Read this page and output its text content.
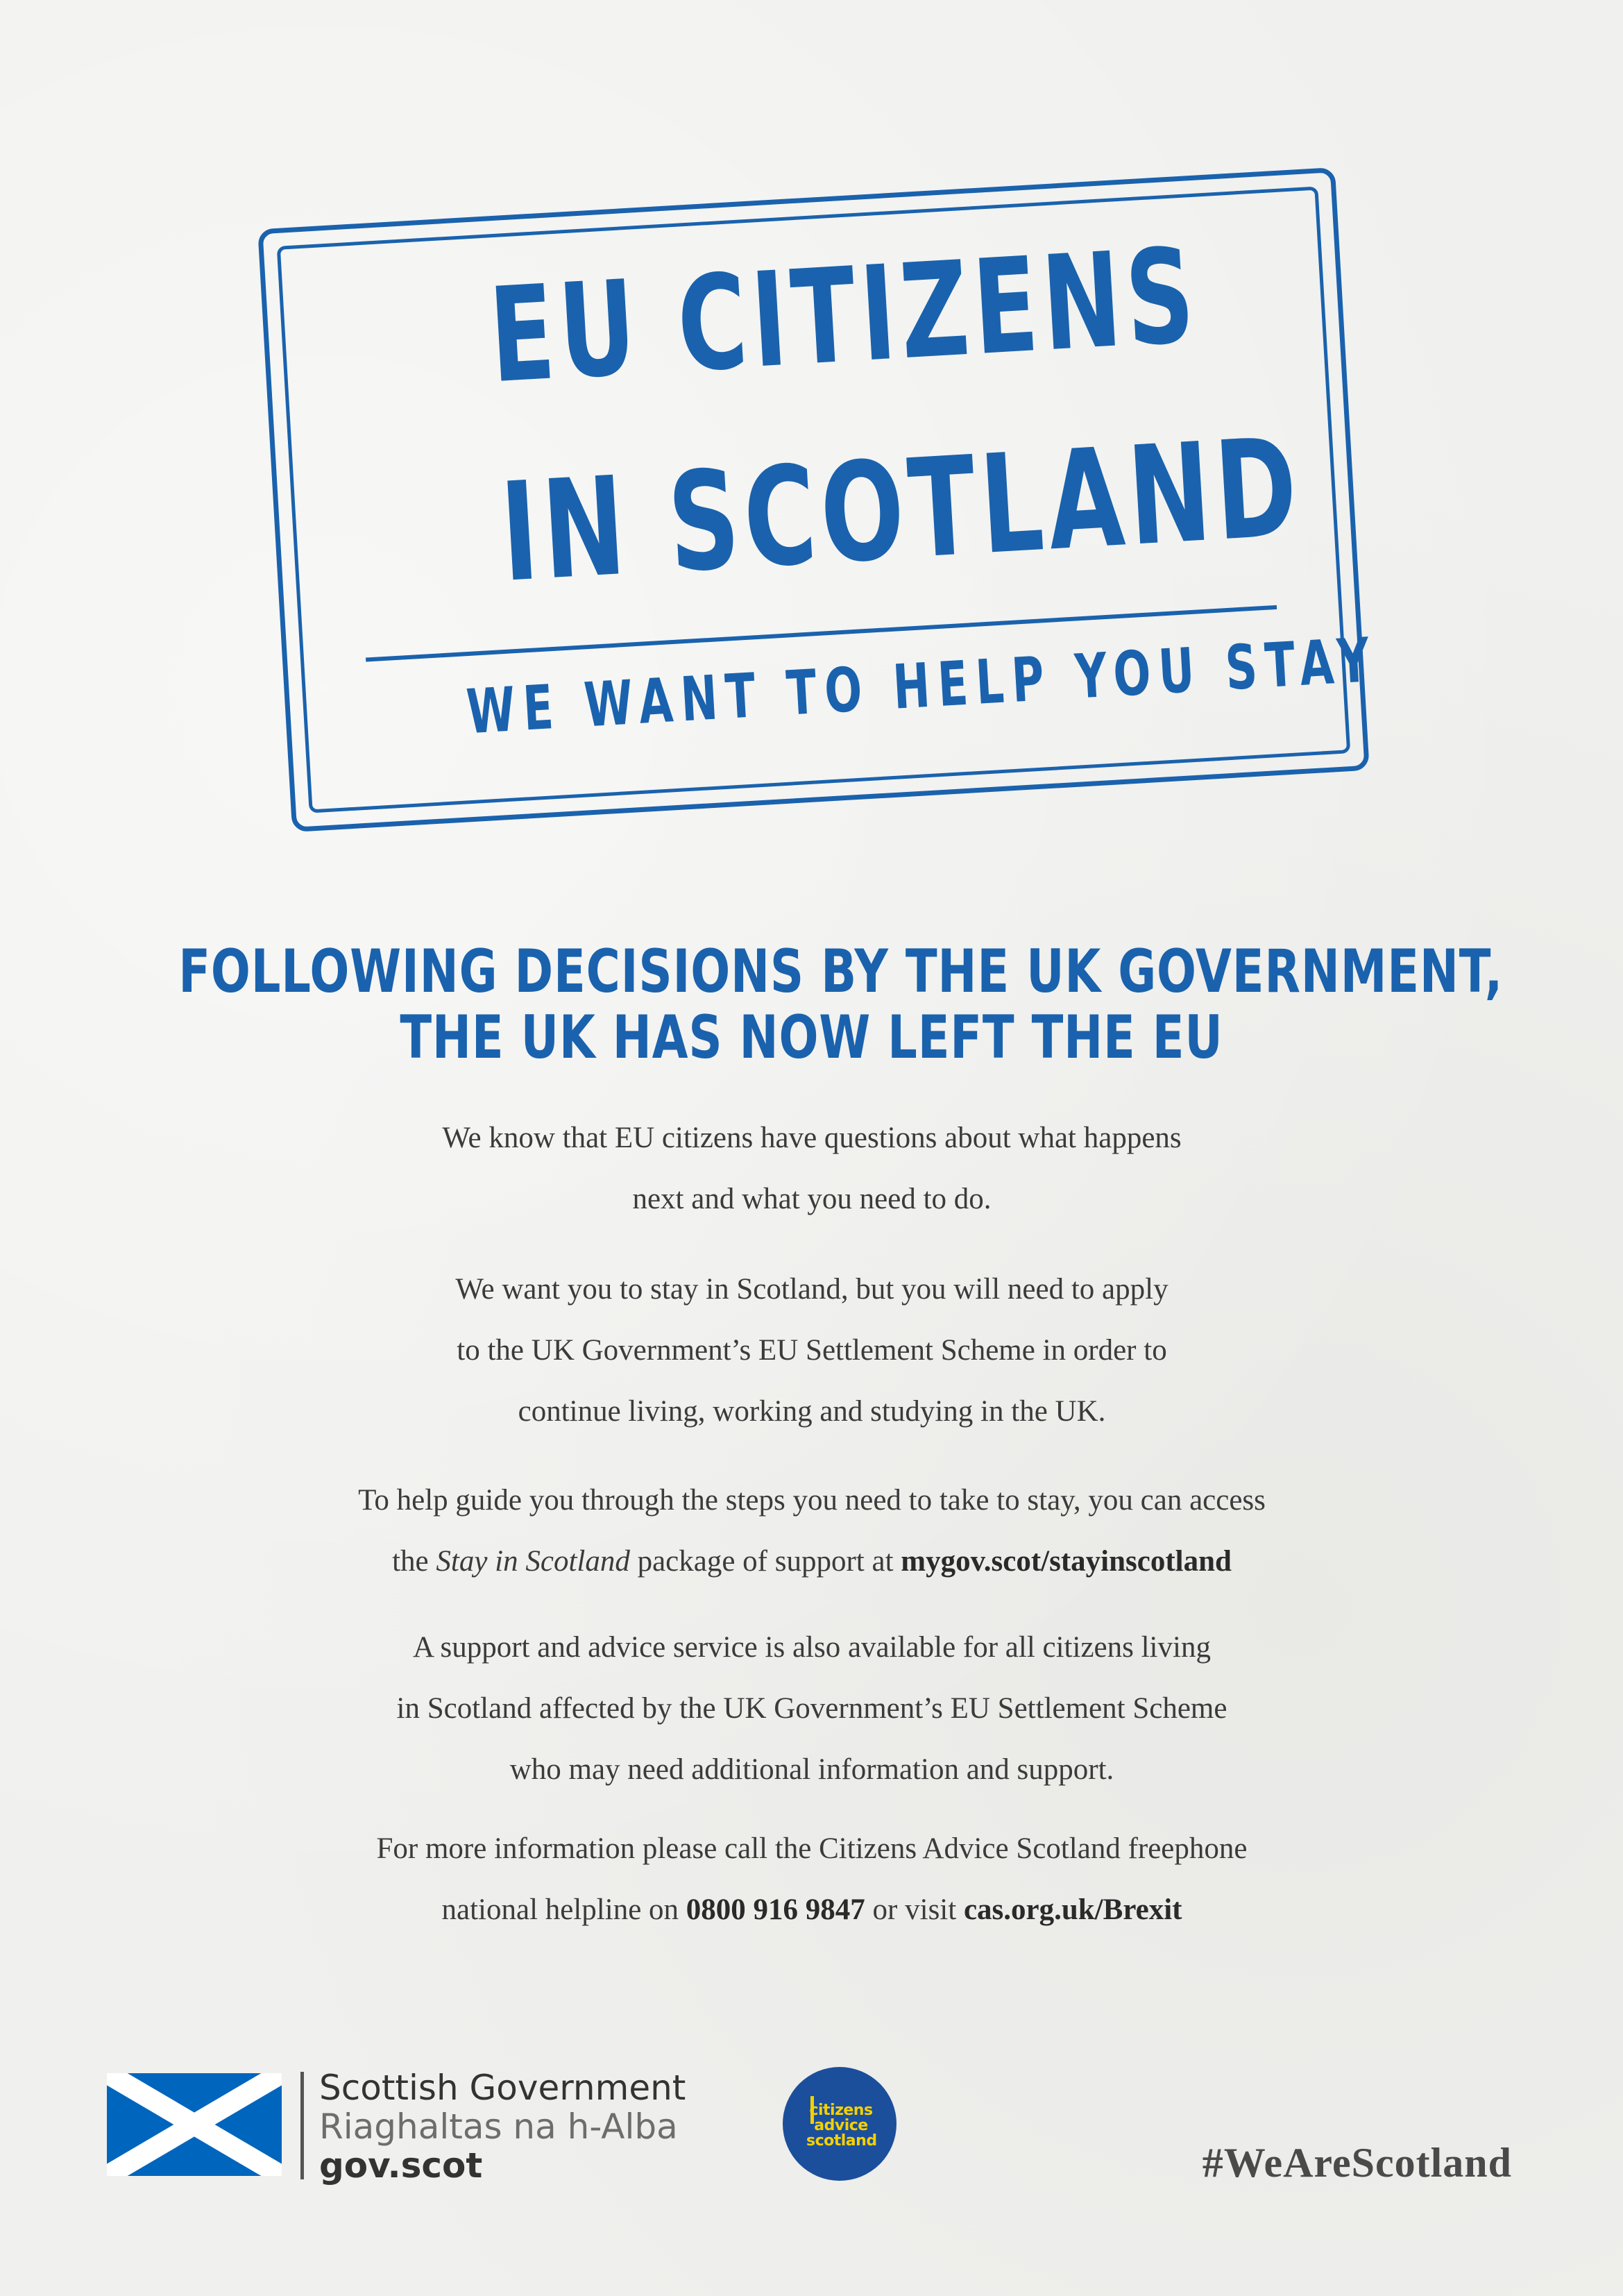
EU CITIZENS
IN SCOTLAND
WE WANT TO HELP YOU STAY
FOLLOWING DECISIONS BY THE UK GOVERNMENT,
THE UK HAS NOW LEFT THE EU
We know that EU citizens have questions about what happens
next and what you need to do.
We want you to stay in Scotland, but you will need to apply
to the UK Government’s EU Settlement Scheme in order to
continue living, working and studying in the UK.
To help guide you through the steps you need to take to stay, you can access
the Stay in Scotland package of support at mygov.scot/stayinscotland
A support and advice service is also available for all citizens living
in Scotland affected by the UK Government’s EU Settlement Scheme
who may need additional information and support.
For more information please call the Citizens Advice Scotland freephone
national helpline on 0800 916 9847 or visit cas.org.uk/Brexit
Scottish Government
Riaghaltas na h-Alba
gov.scot
citizens
advice
scotland	#WeAreScotland
